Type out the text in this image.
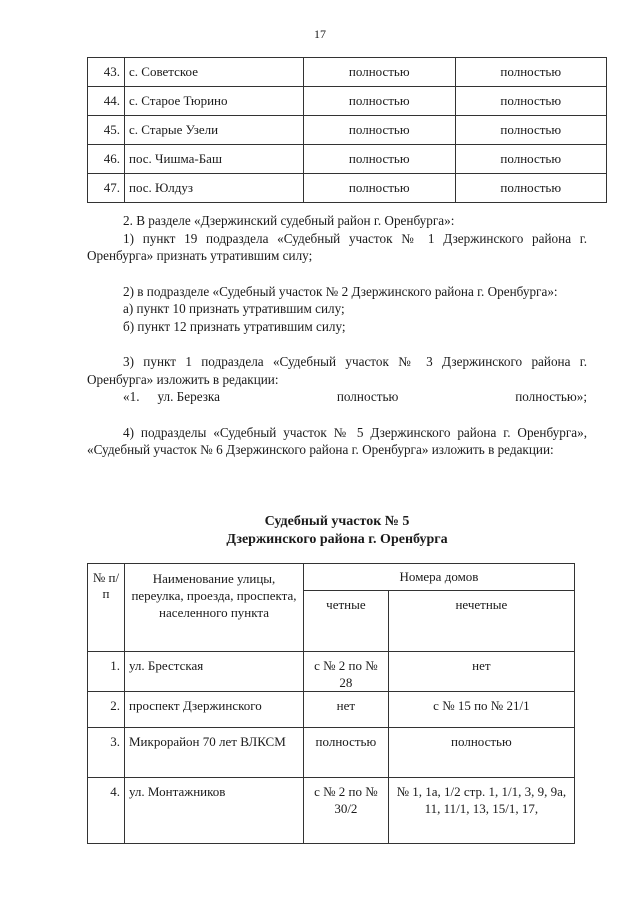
17
43.	с. Советское	полностью	полностью
44.	с. Старое Тюрино	полностью	полностью
45.	с. Старые Узели	полностью	полностью
46.	пос. Чишма-Баш	полностью	полностью
47.	пос. Юлдуз	полностью	полностью

2. В разделе «Дзержинский судебный район г. Оренбурга»:

1) пункт 19 подраздела «Судебный участок № 1 Дзержинского района г. Оренбурга» признать утратившим силу;

2) в подразделе «Судебный участок № 2 Дзержинского района г. Оренбурга»:

а) пункт 10 признать утратившим силу;

б) пункт 12 признать утратившим силу;

3) пункт 1 подраздела «Судебный участок № 3 Дзержинского района г. Оренбурга» изложить в редакции:

«1. ул. Березка	полностью	полностью»;

4) подразделы «Судебный участок № 5 Дзержинского района г. Оренбурга», «Судебный участок № 6 Дзержинского района г. Оренбурга» изложить в редакции:

Судебный участок № 5
Дзержинского района г. Оренбурга
№ п/п	Наименование улицы, переулка, проезда, проспекта, населенного пункта	Номера домов	
		четные	нечетные
1.	ул. Брестская	с № 2 по № 28	нет
2.	проспект Дзержинского	нет	с № 15 по № 21/1
3.	Микрорайон 70 лет ВЛКСМ	полностью	полностью
4.	ул. Монтажников	с № 2 по № 30/2	№ 1, 1а, 1/2 стр. 1, 1/1, 3, 9, 9а, 11, 11/1, 13, 15/1, 17,
